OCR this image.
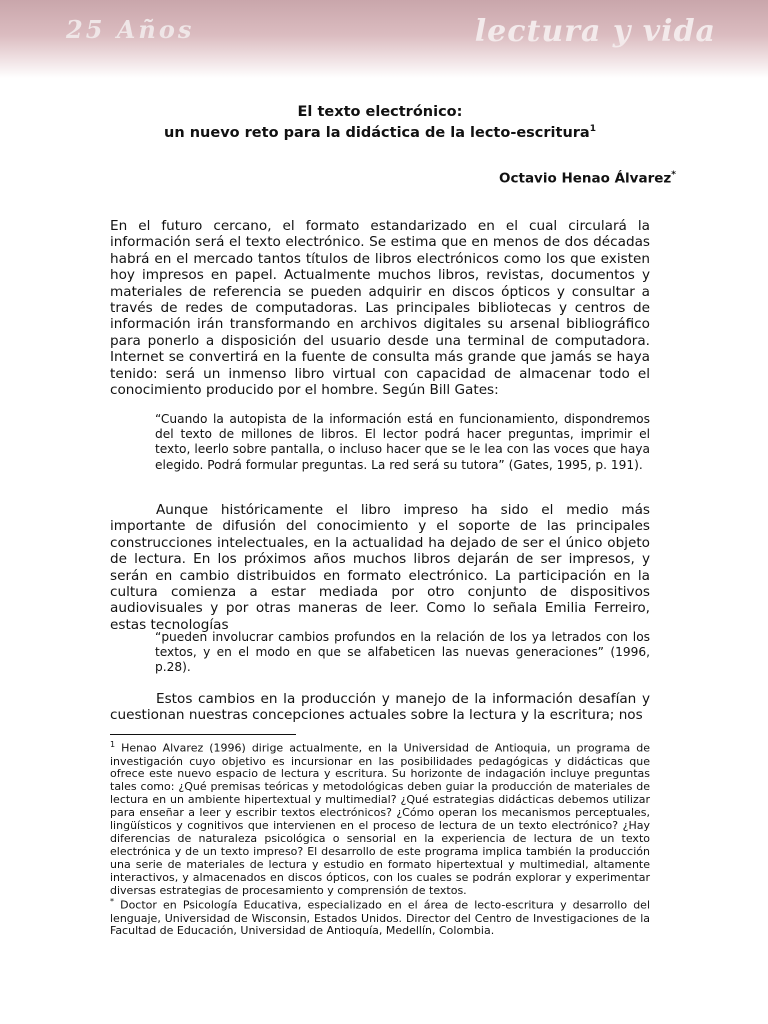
25 Años	lectura y vida
El texto electrónico:
un nuevo reto para la didáctica de la lecto-escritura$^1$
Octavio Henao Álvarez*
En el futuro cercano, el formato estandarizado en el cual circulará la información será el texto electrónico. Se estima que en menos de dos décadas habrá en el mercado tantos títulos de libros electrónicos como los que existen hoy impresos en papel. Actualmente muchos libros, revistas, documentos y materiales de referencia se pueden adquirir en discos ópticos y consultar a través de redes de computadoras. Las principales bibliotecas y centros de información irán transformando en archivos digitales su arsenal bibliográfico para ponerlo a disposición del usuario desde una terminal de computadora. Internet se convertirá en la fuente de consulta más grande que jamás se haya tenido: será un inmenso libro virtual con capacidad de almacenar todo el conocimiento producido por el hombre. Según Bill Gates:
“Cuando la autopista de la información está en funcionamiento, dispondremos del texto de millones de libros. El lector podrá hacer preguntas, imprimir el texto, leerlo sobre pantalla, o incluso hacer que se le lea con las voces que haya elegido. Podrá formular preguntas. La red será su tutora” (Gates, 1995, p. 191).
Aunque históricamente el libro impreso ha sido el medio más importante de difusión del conocimiento y el soporte de las principales construcciones intelectuales, en la actualidad ha dejado de ser el único objeto de lectura. En los próximos años muchos libros dejarán de ser impresos, y serán en cambio distribuidos en formato electrónico. La participación en la cultura comienza a estar mediada por otro conjunto de dispositivos audiovisuales y por otras maneras de leer. Como lo señala Emilia Ferreiro, estas tecnologías
“pueden involucrar cambios profundos en la relación de los ya letrados con los textos, y en el modo en que se alfabeticen las nuevas generaciones” (1996, p.28).
Estos cambios en la producción y manejo de la información desafían y cuestionan nuestras concepciones actuales sobre la lectura y la escritura; nos
$^1$ Henao Alvarez (1996) dirige actualmente, en la Universidad de Antioquia, un programa de investigación cuyo objetivo es incursionar en las posibilidades pedagógicas y didácticas que ofrece este nuevo espacio de lectura y escritura. Su horizonte de indagación incluye preguntas tales como: ¿Qué premisas teóricas y metodológicas deben guiar la producción de materiales de lectura en un ambiente hipertextual y multimedial? ¿Qué estrategias didácticas debemos utilizar para enseñar a leer y escribir textos electrónicos? ¿Cómo operan los mecanismos perceptuales, lingüísticos y cognitivos que intervienen en el proceso de lectura de un texto electrónico? ¿Hay diferencias de naturaleza psicológica o sensorial en la experiencia de lectura de un texto electrónica y de un texto impreso? El desarrollo de este programa implica también la producción una serie de materiales de lectura y estudio en formato hipertextual y multimedial, altamente interactivos, y almacenados en discos ópticos, con los cuales se podrán explorar y experimentar diversas estrategias de procesamiento y comprensión de textos.
* Doctor en Psicología Educativa, especializado en el área de lecto-escritura y desarrollo del lenguaje, Universidad de Wisconsin, Estados Unidos. Director del Centro de Investigaciones de la Facultad de Educación, Universidad de Antioquía, Medellín, Colombia.
